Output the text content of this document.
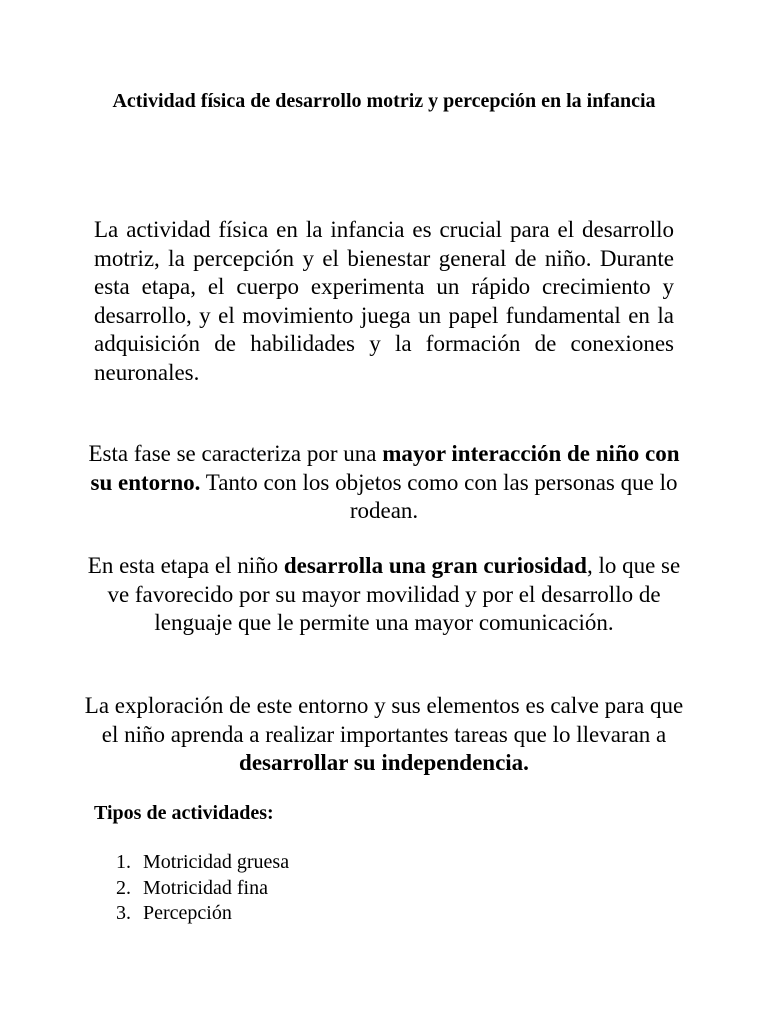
Actividad física de desarrollo motriz y percepción en la infancia

La actividad física en la infancia es crucial para el desarrollo motriz, la percepción y el bienestar general de niño. Durante esta etapa, el cuerpo experimenta un rápido crecimiento y desarrollo, y el movimiento juega un papel fundamental en la adquisición de habilidades y la formación de conexiones neuronales.

Esta fase se caracteriza por una mayor interacción de niño con su entorno. Tanto con los objetos como con las personas que lo rodean.

En esta etapa el niño desarrolla una gran curiosidad, lo que se ve favorecido por su mayor movilidad y por el desarrollo de lenguaje que le permite una mayor comunicación.

La exploración de este entorno y sus elementos es calve para que el niño aprenda a realizar importantes tareas que lo llevaran a desarrollar su independencia.

Tipos de actividades:

1. Motricidad gruesa
2. Motricidad fina
3. Percepción
